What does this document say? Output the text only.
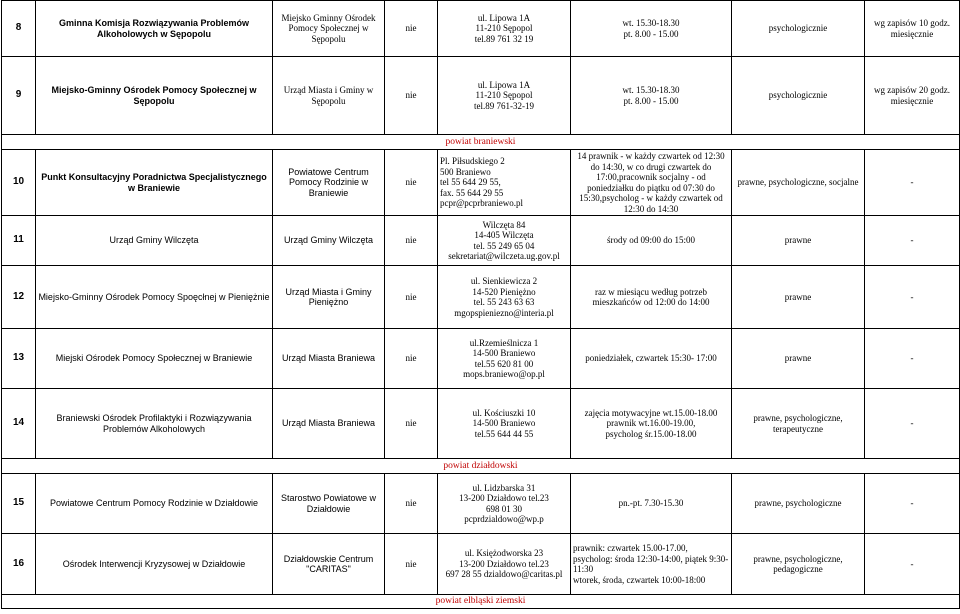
8	Gminna Komisja Rozwiązywania Problemów Alkoholowych w Sępopolu	Miejsko Gminny Ośrodek Pomocy Społecznej w Sępopolu	nie	ul. Lipowa 1A
11-210 Sępopol
tel.89 761 32 19	wt. 15.30-18.30
pt. 8.00 - 15.00	psychologicznie	wg zapisów 10 godz. miesięcznie
9	Miejsko-Gminny Ośrodek Pomocy Społecznej w Sępopolu	Urząd Miasta i Gminy w Sępopolu	nie	ul. Lipowa 1A
11-210 Sępopol
tel.89 761-32-19	wt. 15.30-18.30
pt. 8.00 - 15.00	psychologicznie	wg zapisów 20 godz. miesięcznie
powiat braniewski							
10	Punkt Konsultacyjny Poradnictwa Specjalistycznego w Braniewie	Powiatowe Centrum Pomocy Rodzinie w Braniewie	nie	Pl. Piłsudskiego 2
500 Braniewo
tel 55 644 29 55,
fax. 55 644 29 55
pcpr@pcprbraniewo.pl	14 prawnik - w każdy czwartek od 12:30 do 14:30, w co drugi czwartek do 17:00,pracownik socjalny - od poniedziałku do piątku od 07:30 do 15:30,psycholog - w każdy czwartek od 12:30 do 14:30	prawne, psychologiczne, socjalne	-
11	Urząd Gminy Wilczęta	Urząd Gminy Wilczęta	nie	Wilczęta 84
14-405 Wilczęta
tel. 55 249 65 04
sekretariat@wilczeta.ug.gov.pl	środy od 09:00 do 15:00	prawne	-
12	Miejsko-Gminny Ośrodek Pomocy Spoęcłnej w Pieniężnie	Urząd Miasta i Gminy Pieniężno	nie	ul. Sienkiewicza 2
14-520 Pieniężno
tel. 55 243 63 63
mgopspieniezno@interia.pl	raz w miesiącu według potrzeb mieszkańców od 12:00 do 14:00	prawne	-
13	Miejski Ośrodek Pomocy Społecznej w Braniewie	Urząd Miasta Braniewa	nie	ul.Rzemieślnicza 1
14-500 Braniewo
tel.55 620 81 00
mops.braniewo@op.pl	poniedziałek, czwartek 15:30- 17:00	prawne	-
14	Braniewski Ośrodek Profilaktyki i Rozwiązywania Problemów Alkoholowych	Urząd Miasta Braniewa	nie	ul. Kościuszki 10
14-500 Braniewo
tel.55 644 44 55	zajęcia motywacyjne wt.15.00-18.00
prawnik wt.16.00-19.00,
psycholog śr.15.00-18.00	prawne, psychologiczne, terapeutyczne	-
powiat działdowski							
15	Powiatowe Centrum Pomocy Rodzinie w Działdowie	Starostwo Powiatowe w Działdowie	nie	ul. Lidzbarska 31
13-200 Działdowo tel.23
698 01 30
pcprdzialdowo@wp.p	pn.-pt. 7.30-15.30	prawne, psychologiczne	-
16	Ośrodek Interwencji Kryzysowej w Działdowie	Działdowskie Centrum "CARITAS"	nie	ul. Księżodworska 23
13-200 Działdowo tel.23
697 28 55 dzialdowo@caritas.pl	prawnik: czwartek 15.00-17.00, psycholog: środa 12:30-14:00, piątek 9:30-11:30
wtorek, środa, czwartek 10:00-18:00	prawne, psychologiczne, pedagogiczne	-
powiat elbląski ziemski							
